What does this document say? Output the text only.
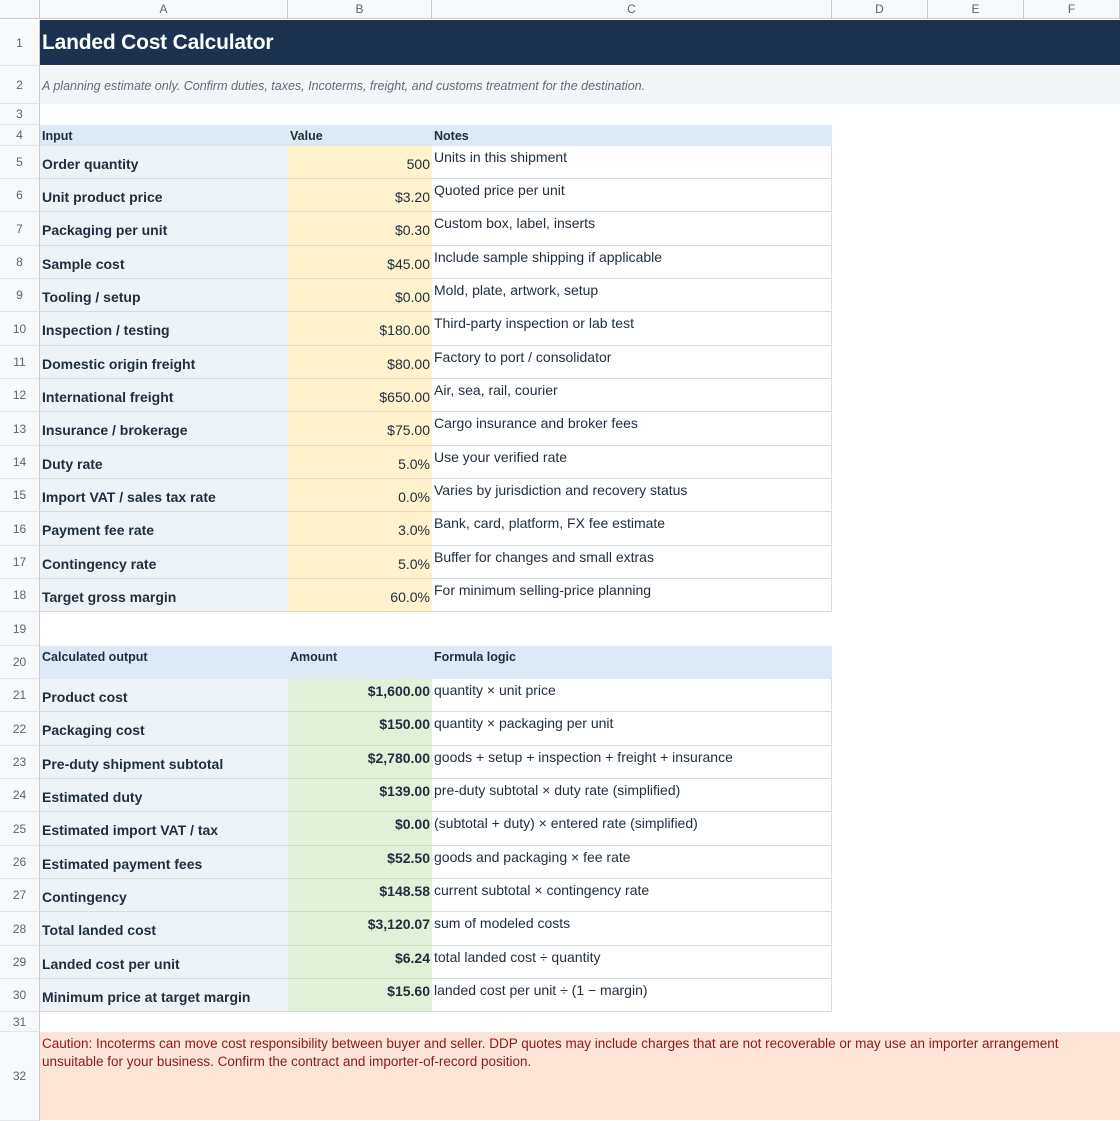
A	B	C	D	E	F
1
2
3
4
5
6
7
8
9
10
11
12
13
14
15
16
17
18
19
20
21
22
23
24
25
26
27
28
29
30
31
32
Landed Cost Calculator
A planning estimate only. Confirm duties, taxes, Incoterms, freight, and customs treatment for the destination.
Input	Value	Notes
Order quantity	500 Units in this shipment
Unit product price	$3.20 Quoted price per unit
Packaging per unit	$0.30 Custom box, label, inserts
Sample cost	$45.00 Include sample shipping if applicable
Tooling / setup	$0.00 Mold, plate, artwork, setup
Inspection / testing	$180.00 Third-party inspection or lab test
Domestic origin freight	$80.00 Factory to port / consolidator
International freight	$650.00 Air, sea, rail, courier
Insurance / brokerage	$75.00 Cargo insurance and broker fees
Duty rate	5.0% Use your verified rate
Import VAT / sales tax rate	0.0% Varies by jurisdiction and recovery status
Payment fee rate	3.0% Bank, card, platform, FX fee estimate
Contingency rate	5.0% Buffer for changes and small extras
Target gross margin	60.0% For minimum selling-price planning
Calculated output	Amount	Formula logic
Product cost	$1,600.00 quantity × unit price
Packaging cost	$150.00 quantity × packaging per unit
Pre-duty shipment subtotal	$2,780.00 goods + setup + inspection + freight + insurance
Estimated duty	$139.00 pre-duty subtotal × duty rate (simplified)
Estimated import VAT / tax	$0.00 (subtotal + duty) × entered rate (simplified)
Estimated payment fees	$52.50 goods and packaging × fee rate
Contingency	$148.58 current subtotal × contingency rate
Total landed cost	$3,120.07 sum of modeled costs
Landed cost per unit	$6.24 total landed cost ÷ quantity
Minimum price at target margin	$15.60 landed cost per unit ÷ (1 − margin)
Caution: Incoterms can move cost responsibility between buyer and seller. DDP quotes may include charges that are not recoverable or may use an importer arrangement unsuitable for your business. Confirm the contract and importer-of-record position.
